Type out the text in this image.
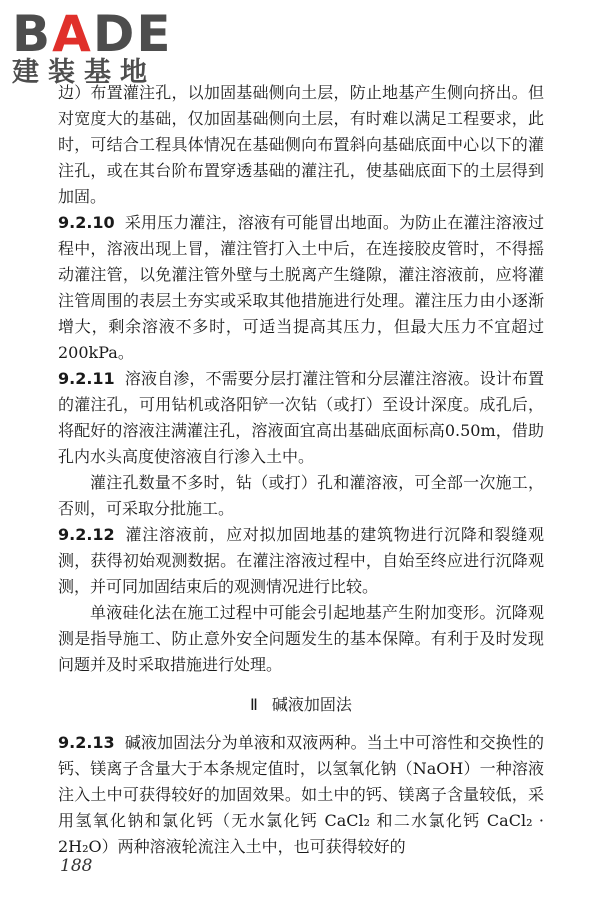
BADE
建装基地

边）布置灌注孔，以加固基础侧向土层，防止地基产生侧向挤出。但对宽度大的基础，仅加固基础侧向土层，有时难以满足工程要求，此时，可结合工程具体情况在基础侧向布置斜向基础底面中心以下的灌注孔，或在其台阶布置穿透基础的灌注孔，使基础底面下的土层得到加固。

9.2.10 采用压力灌注，溶液有可能冒出地面。为防止在灌注溶液过程中，溶液出现上冒，灌注管打入土中后，在连接胶皮管时，不得摇动灌注管，以免灌注管外壁与土脱离产生缝隙，灌注溶液前，应将灌注管周围的表层土夯实或采取其他措施进行处理。灌注压力由小逐渐增大，剩余溶液不多时，可适当提高其压力，但最大压力不宜超过200kPa。

9.2.11 溶液自渗，不需要分层打灌注管和分层灌注溶液。设计布置的灌注孔，可用钻机或洛阳铲一次钻（或打）至设计深度。成孔后，将配好的溶液注满灌注孔，溶液面宜高出基础底面标高0.50m，借助孔内水头高度使溶液自行渗入土中。

灌注孔数量不多时，钻（或打）孔和灌溶液，可全部一次施工，否则，可采取分批施工。

9.2.12 灌注溶液前，应对拟加固地基的建筑物进行沉降和裂缝观测，获得初始观测数据。在灌注溶液过程中，自始至终应进行沉降观测，并可同加固结束后的观测情况进行比较。

单液硅化法在施工过程中可能会引起地基产生附加变形。沉降观测是指导施工、防止意外安全问题发生的基本保障。有利于及时发现问题并及时采取措施进行处理。

Ⅱ 碱液加固法

9.2.13 碱液加固法分为单液和双液两种。当土中可溶性和交换性的钙、镁离子含量大于本条规定值时，以氢氧化钠（NaOH）一种溶液注入土中可获得较好的加固效果。如土中的钙、镁离子含量较低，采用氢氧化钠和氯化钙（无水氯化钙 CaCl₂ 和二水氯化钙 CaCl₂ · 2H₂O）两种溶液轮流注入土中，也可获得较好的

188
